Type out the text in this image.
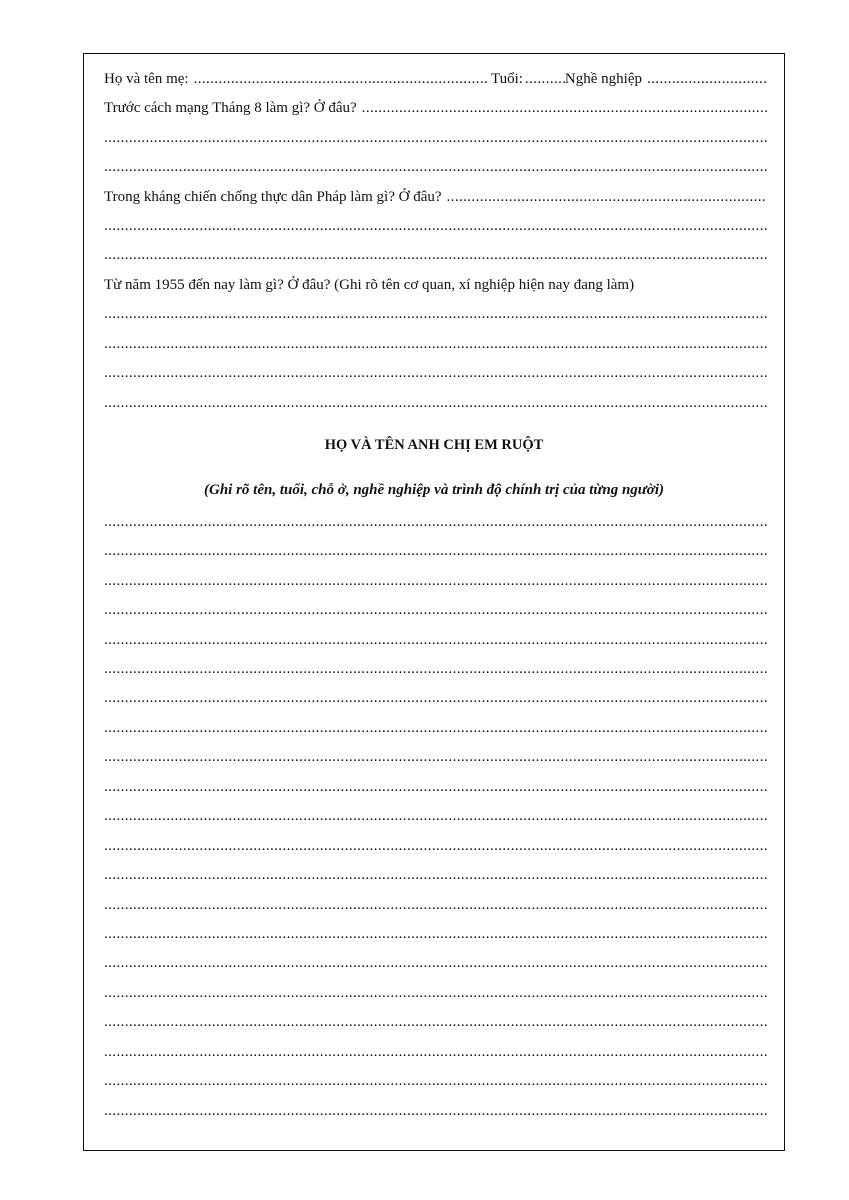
Họ và tên mẹ: .....	Tuổi: .....	Nghề nghiệp
.....
Trước cách mạng Tháng 8 làm gì? Ở đâu?
.....
.....
.....
Trong kháng chiến chống thực dân Pháp làm gì? Ở đâu?
.....
.....
.....
Từ năm 1955 đến nay làm gì? Ở đâu? (Ghi rõ tên cơ quan, xí nghiệp hiện nay đang làm)
.....
.....
.....
.....
HỌ VÀ TÊN ANH CHỊ EM RUỘT
(Ghi rõ tên, tuổi, chỗ ở, nghề nghiệp và trình độ chính trị của từng người)
.....
.....
.....
.....
.....
.....
.....
.....
.....
.....
.....
.....
.....
.....
.....
.....
.....
.....
.....
.....
.....
